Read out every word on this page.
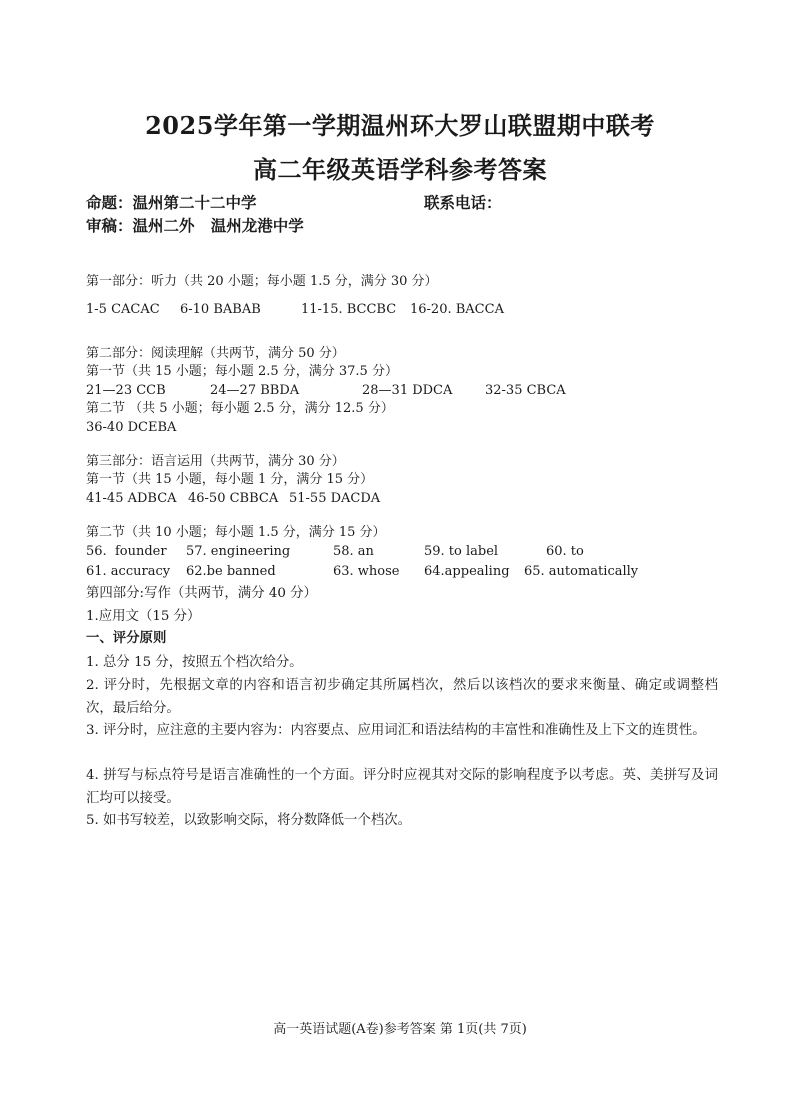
2025学年第一学期温州环大罗山联盟期中联考
高二年级英语学科参考答案
命题：温州第二十二中学	联系电话：
审稿：温州二外   温州龙港中学
第一部分：听力（共 20 小题；每小题 1.5 分，满分 30 分）
1-5 CACAC 6-10 BABAB	11-15. BCCBC 16-20. BACCA
第二部分：阅读理解（共两节，满分 50 分）
第一节（共 15 小题；每小题 2.5 分，满分 37.5 分）
21—23 CCB	24—27 BBDA	28—31 DDCA	32-35 CBCA
第二节 （共 5 小题；每小题 2.5 分，满分 12.5 分）
36-40 DCEBA
第三部分：语言运用（共两节，满分 30 分）
第一节（共 15 小题，每小题 1 分，满分 15 分）
41-45 ADBCA 46-50 CBBCA 51-55 DACDA
第二节（共 10 小题；每小题 1.5 分，满分 15 分）
56.  founder 57. engineering	58. an	59. to label	60. to
61. accuracy 62.be banned	63. whose 64.appealing 65. automatically
第四部分:写作（共两节，满分 40 分）
1.应用文（15 分）
一、评分原则
1. 总分 15 分，按照五个档次给分。
2. 评分时，先根据文章的内容和语言初步确定其所属档次，然后以该档次的要求来衡量、确定或调整档次，最后给分。
3. 评分时，应注意的主要内容为：内容要点、应用词汇和语法结构的丰富性和准确性及上下文的连贯性。
4. 拼写与标点符号是语言准确性的一个方面。评分时应视其对交际的影响程度予以考虑。英、美拼写及词汇均可以接受。
5. 如书写较差，以致影响交际，将分数降低一个档次。
高一英语试题(A卷)参考答案 第 1页(共 7页)
